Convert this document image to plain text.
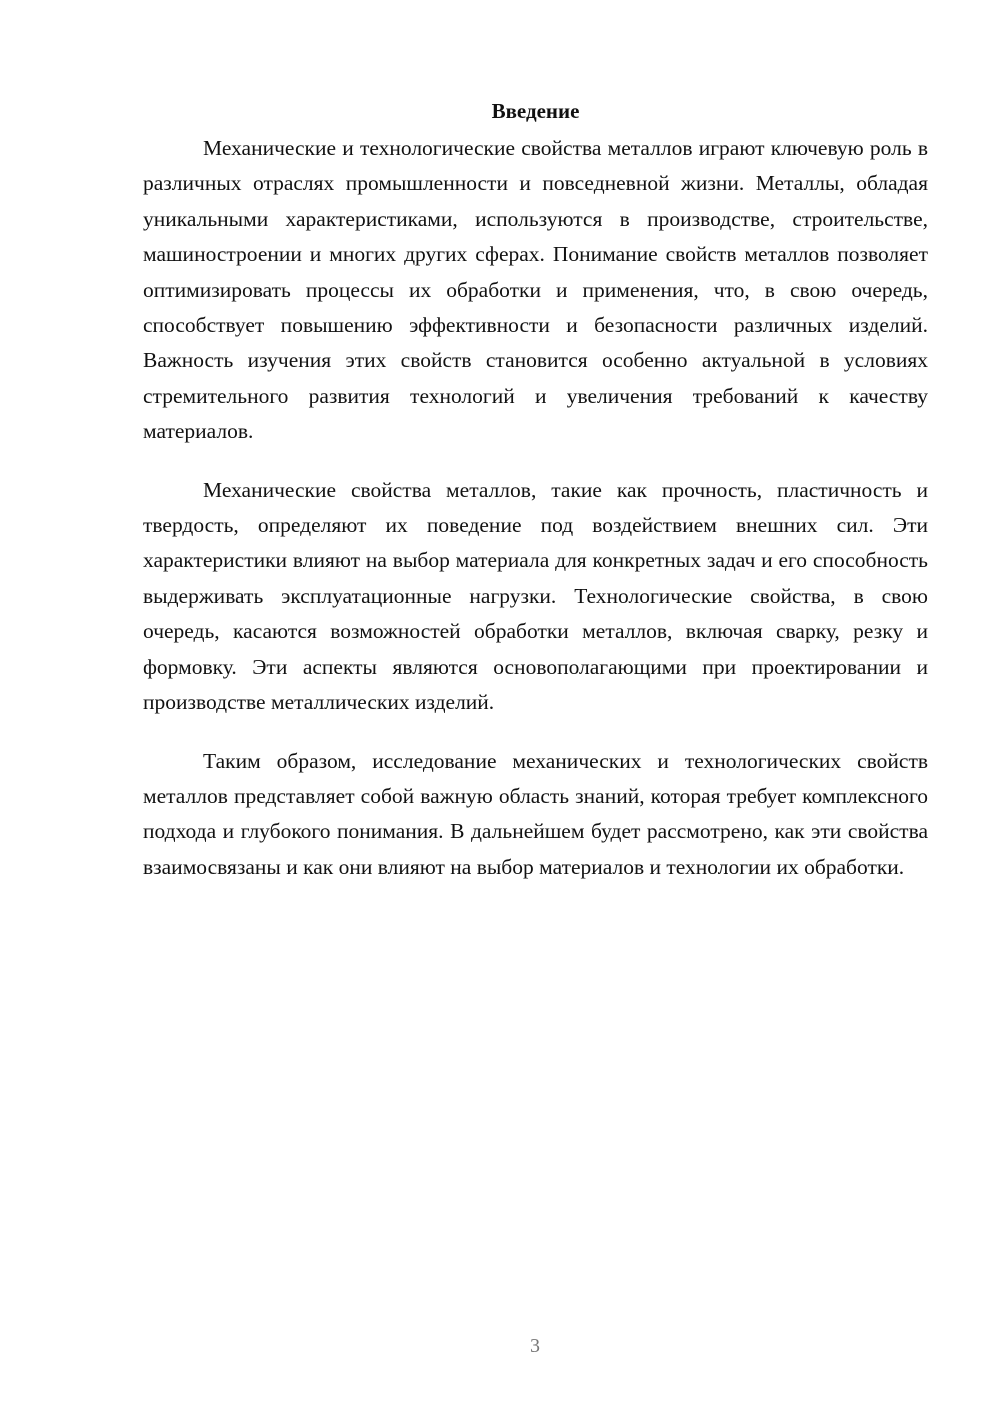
Введение

Механические и технологические свойства металлов играют ключевую роль в различных отраслях промышленности и повседневной жизни. Металлы, обладая уникальными характеристиками, используются в производстве, строительстве, машиностроении и многих других сферах. Понимание свойств металлов позволяет оптимизировать процессы их обработки и применения, что, в свою очередь, способствует повышению эффективности и безопасности различных изделий. Важность изучения этих свойств становится особенно актуальной в условиях стремительного развития технологий и увеличения требований к качеству материалов.

Механические свойства металлов, такие как прочность, пластичность и твердость, определяют их поведение под воздействием внешних сил. Эти характеристики влияют на выбор материала для конкретных задач и его способность выдерживать эксплуатационные нагрузки. Технологические свойства, в свою очередь, касаются возможностей обработки металлов, включая сварку, резку и формовку. Эти аспекты являются основополагающими при проектировании и производстве металлических изделий.

Таким образом, исследование механических и технологических свойств металлов представляет собой важную область знаний, которая требует комплексного подхода и глубокого понимания. В дальнейшем будет рассмотрено, как эти свойства взаимосвязаны и как они влияют на выбор материалов и технологии их обработки.

3
